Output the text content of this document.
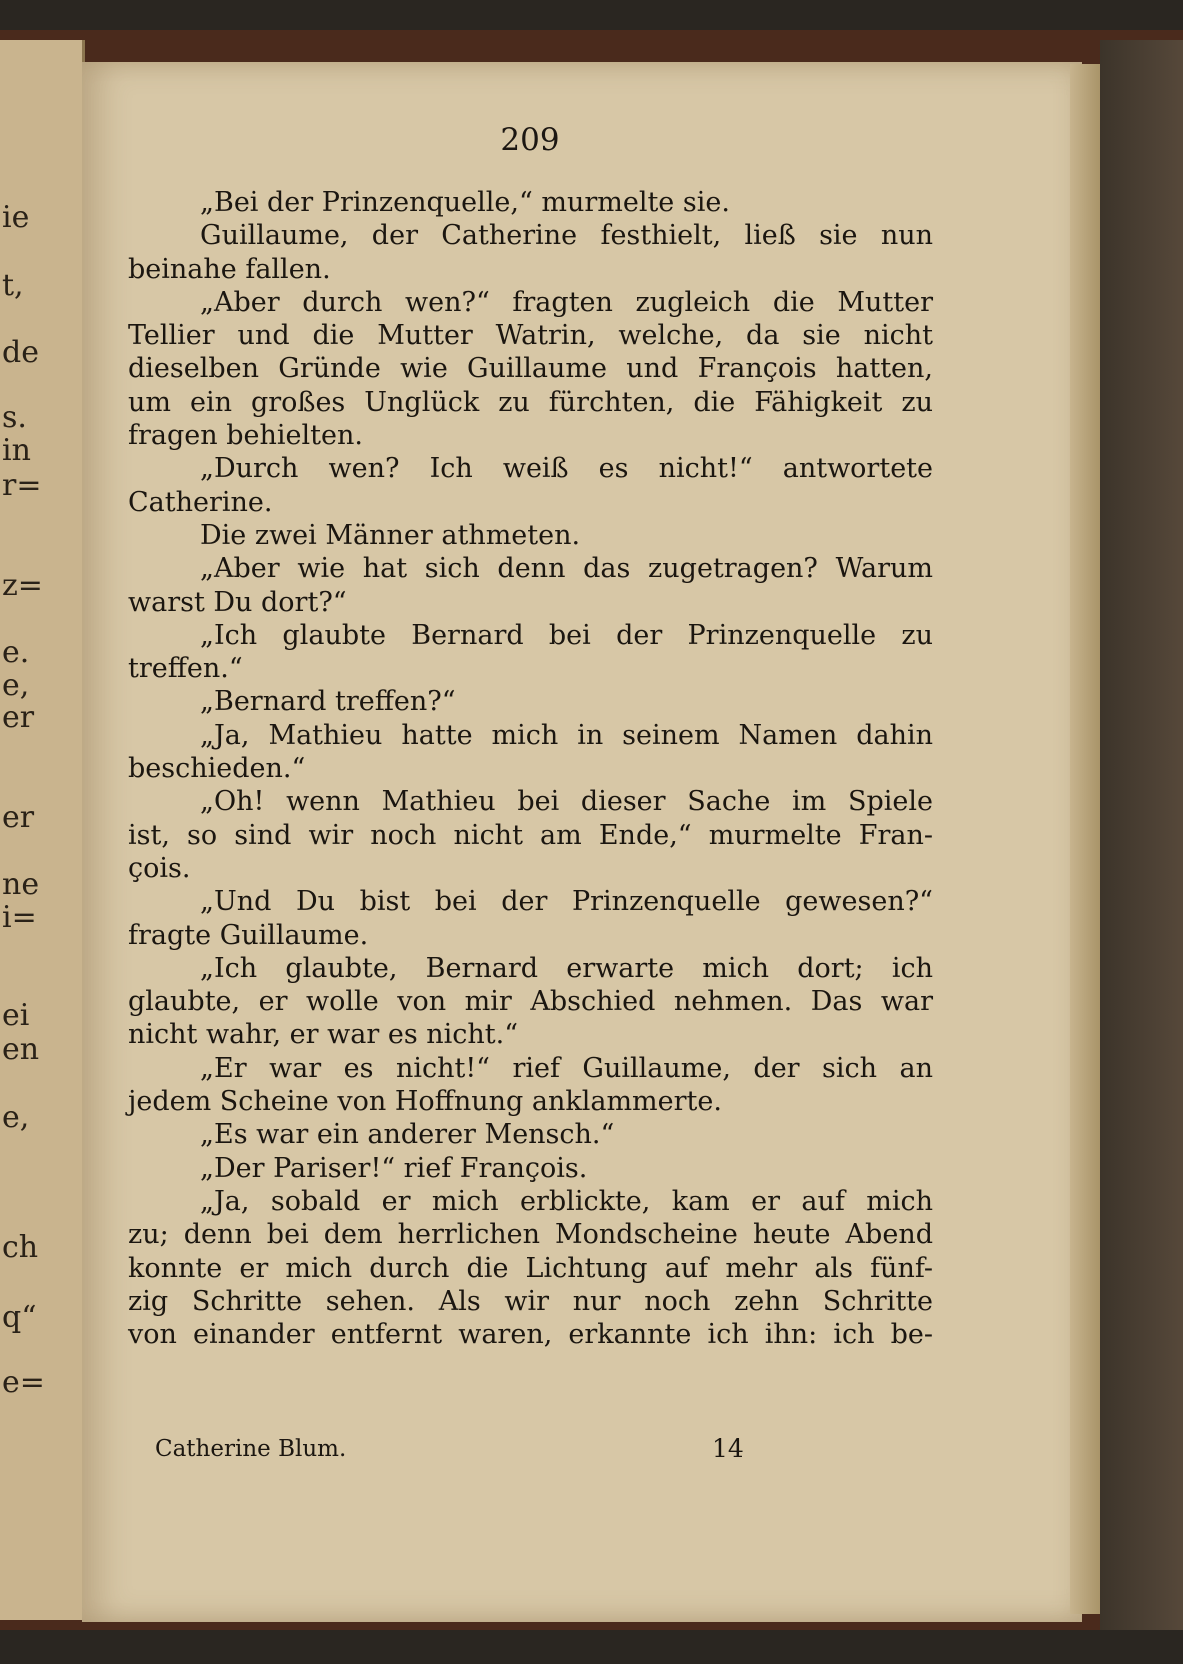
ie

t,

de

s.

in

r=

z=

e.

e,

er

er

ne

i=

ei

en

e,

ch

q“

e=

209

„Bei der Prinzenquelle,“ murmelte sie.

Guillaume, der Catherine festhielt, ließ sie nun

beinahe fallen.

„Aber durch wen?“ fragten zugleich die Mutter

Tellier und die Mutter Watrin, welche, da sie nicht

dieselben Gründe wie Guillaume und François hatten,

um ein großes Unglück zu fürchten, die Fähigkeit zu

fragen behielten.

„Durch wen? Ich weiß es nicht!“ antwortete

Catherine.

Die zwei Männer athmeten.

„Aber wie hat sich denn das zugetragen? Warum

warst Du dort?“

„Ich glaubte Bernard bei der Prinzenquelle zu

treffen.“

„Bernard treffen?“

„Ja, Mathieu hatte mich in seinem Namen dahin

beschieden.“

„Oh! wenn Mathieu bei dieser Sache im Spiele

ist, so sind wir noch nicht am Ende,“ murmelte Fran-

çois.

„Und Du bist bei der Prinzenquelle gewesen?“

fragte Guillaume.

„Ich glaubte, Bernard erwarte mich dort; ich

glaubte, er wolle von mir Abschied nehmen. Das war

nicht wahr, er war es nicht.“

„Er war es nicht!“ rief Guillaume, der sich an

jedem Scheine von Hoffnung anklammerte.

„Es war ein anderer Mensch.“

„Der Pariser!“ rief François.

„Ja, sobald er mich erblickte, kam er auf mich

zu; denn bei dem herrlichen Mondscheine heute Abend

konnte er mich durch die Lichtung auf mehr als fünf-

zig Schritte sehen. Als wir nur noch zehn Schritte

von einander entfernt waren, erkannte ich ihn: ich be-

Catherine Blum.	14
